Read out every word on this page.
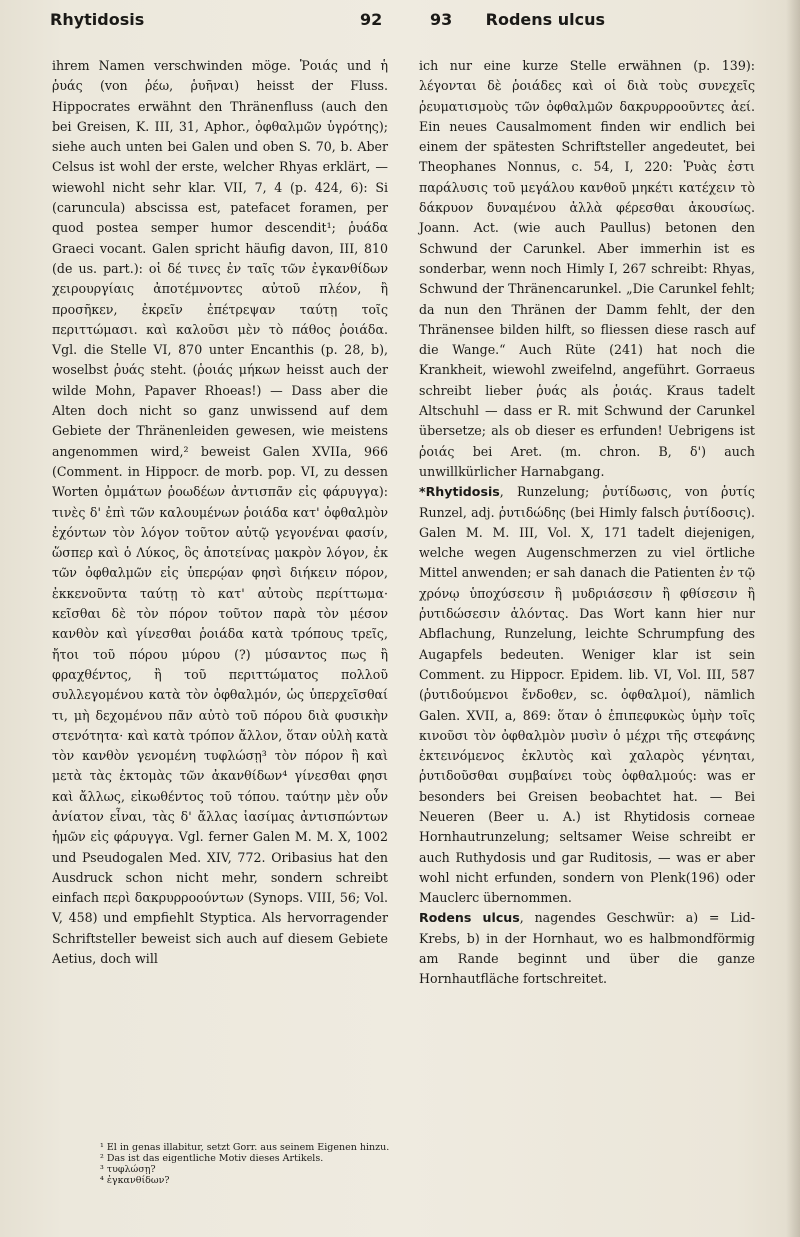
Rhytidosis	92	93 Rodens ulcus

ihrem Namen verschwinden möge. Ῥοιάς und ἡ ῥυάς (von ῥέω, ῥυῆναι) heisst der Fluss. Hippocrates erwähnt den Thränenfluss (auch den bei Greisen, K. III, 31, Aphor., ὀφθαλμῶν ὑγρότης); siehe auch unten bei Galen und oben S. 70, b. Aber Celsus ist wohl der erste, welcher Rhyas erklärt, — wiewohl nicht sehr klar. VII, 7, 4 (p. 424, 6): Si (caruncula) abscissa est, patefacet foramen, per quod postea semper humor descendit¹; ῥυάδα Graeci vocant. Galen spricht häufig davon, III, 810 (de us. part.): οἱ δέ τινες ἐν ταῖς τῶν ἐγκανθίδων χειρουργίαις ἀποτέμνοντες αὐτοῦ πλέον, ἢ προσῆκεν, ἐκρεῖν ἐπέτρεψαν ταύτῃ τοῖς περιττώμασι. καὶ καλοῦσι μὲν τὸ πάθος ῥοιάδα. Vgl. die Stelle VI, 870 unter Encanthis (p. 28, b), woselbst ῥυάς steht. (ῥοιάς μήκων heisst auch der wilde Mohn, Papaver Rhoeas!) — Dass aber die Alten doch nicht so ganz unwissend auf dem Gebiete der Thränenleiden gewesen, wie meistens angenommen wird,² beweist Galen XVIIa, 966 (Comment. in Hippocr. de morb. pop. VI, zu dessen Worten ὀμμάτων ῥοωδέων ἀντισπᾶν εἰς φάρυγγα): τινὲς δ' ἐπὶ τῶν καλουμένων ῥοιάδα κατ' ὀφθαλμὸν ἐχόντων τὸν λόγον τοῦτον αὐτῷ γεγονέναι φασίν, ὥσπερ καὶ ὁ Λύκος, ὃς ἀποτείνας μακρὸν λόγον, ἐκ τῶν ὀφθαλμῶν εἰς ὑπερῴαν φησὶ διήκειν πόρον, ἐκκενοῦντα ταύτῃ τὸ κατ' αὐτοὺς περίττωμα· κεῖσθαι δὲ τὸν πόρον τοῦτον παρὰ τὸν μέσον κανθὸν καὶ γίνεσθαι ῥοιάδα κατὰ τρόπους τρεῖς, ἤτοι τοῦ πόρου μύρου (?) μύσαντος πως ἢ φραχθέντος, ἢ τοῦ περιττώματος πολλοῦ συλλεγομένου κατὰ τὸν ὀφθαλμόν, ὡς ὑπερχεῖσθαί τι, μὴ δεχομένου πᾶν αὐτὸ τοῦ πόρου διὰ φυσικὴν στενότητα· καὶ κατὰ τρόπον ἄλλον, ὅταν οὐλὴ κατὰ τὸν κανθὸν γενομένη τυφλώσῃ³ τὸν πόρον ἢ καὶ μετὰ τὰς ἐκτομὰς τῶν ἀκανθίδων⁴ γίνεσθαι φησι καὶ ἄλλως, εἰκωθέντος τοῦ τόπου. ταύτην μὲν οὖν ἀνίατον εἶναι, τὰς δ' ἄλλας ἰασίμας ἀντισπώντων ἡμῶν εἰς φάρυγγα. Vgl. ferner Galen M. M. X, 1002 und Pseudogalen Med. XIV, 772. Oribasius hat den Ausdruck schon nicht mehr, sondern schreibt einfach περὶ δακρυρροούντων (Synops. VIII, 56; Vol. V, 458) und empfiehlt Styptica. Als hervorragender Schriftsteller beweist sich auch auf diesem Gebiete Aetius, doch will

ich nur eine kurze Stelle erwähnen (p. 139): λέγονται δὲ ῥοιάδες καὶ οἱ διὰ τοὺς συνεχεῖς ῥευματισμοὺς τῶν ὀφθαλμῶν δακρυρροοῦντες ἀεί. Ein neues Causalmoment finden wir endlich bei einem der spätesten Schriftsteller angedeutet, bei Theophanes Nonnus, c. 54, I, 220: Ῥυὰς ἐστι παράλυσις τοῦ μεγάλου κανθοῦ μηκέτι κατέχειν τὸ δάκρυον δυναμένου ἀλλὰ φέρεσθαι ἀκουσίως. Joann. Act. (wie auch Paullus) betonen den Schwund der Carunkel. Aber immerhin ist es sonderbar, wenn noch Himly I, 267 schreibt: Rhyas, Schwund der Thränencarunkel. „Die Carunkel fehlt; da nun den Thränen der Damm fehlt, der den Thränensee bilden hilft, so fliessen diese rasch auf die Wange.“ Auch Rüte (241) hat noch die Krankheit, wiewohl zweifelnd, angeführt. Gorraeus schreibt lieber ῥυάς als ῥοιάς. Kraus tadelt Altschuhl — dass er R. mit Schwund der Carunkel übersetze; als ob dieser es erfunden! Uebrigens ist ῥοιάς bei Aret. (m. chron. B, δ') auch unwillkürlicher Harnabgang.

*Rhytidosis, Runzelung; ῥυτίδωσις, von ῥυτίς Runzel, adj. ῥυτιδώδης (bei Himly falsch ῥυτίδοσις). Galen M. M. III, Vol. X, 171 tadelt diejenigen, welche wegen Augenschmerzen zu viel örtliche Mittel anwenden; er sah danach die Patienten ἐν τῷ χρόνῳ ὑποχύσεσιν ἢ μυδριάσεσιν ἢ φθίσεσιν ἢ ῥυτιδώσεσιν ἁλόντας. Das Wort kann hier nur Abflachung, Runzelung, leichte Schrumpfung des Augapfels bedeuten. Weniger klar ist sein Comment. zu Hippocr. Epidem. lib. VI, Vol. III, 587 (ῥυτιδούμενοι ἔνδοθεν, sc. ὀφθαλμοί), nämlich Galen. XVII, a, 869: ὅταν ὁ ἐπιπεφυκὼς ὑμὴν τοῖς κινοῦσι τὸν ὀφθαλμὸν μυσὶν ὁ μέχρι τῆς στεφάνης ἐκτεινόμενος ἐκλυτὸς καὶ χαλαρὸς γένηται, ῥυτιδοῦσθαι συμβαίνει τοὺς ὀφθαλμούς: was er besonders bei Greisen beobachtet hat. — Bei Neueren (Beer u. A.) ist Rhytidosis corneae Hornhautrunzelung; seltsamer Weise schreibt er auch Ruthydosis und gar Ruditosis, — was er aber wohl nicht erfunden, sondern von Plenk(196) oder Mauclerc übernommen.

Rodens ulcus, nagendes Geschwür: a) = Lid-Krebs, b) in der Hornhaut, wo es halbmondförmig am Rande beginnt und über die ganze Hornhautfläche fortschreitet.

¹ El in genas illabitur, setzt Gorr. aus seinem Eigenen hinzu.
² Das ist das eigentliche Motiv dieses Artikels.
³ τυφλώσῃ?
⁴ ἐγκανθίδων?
